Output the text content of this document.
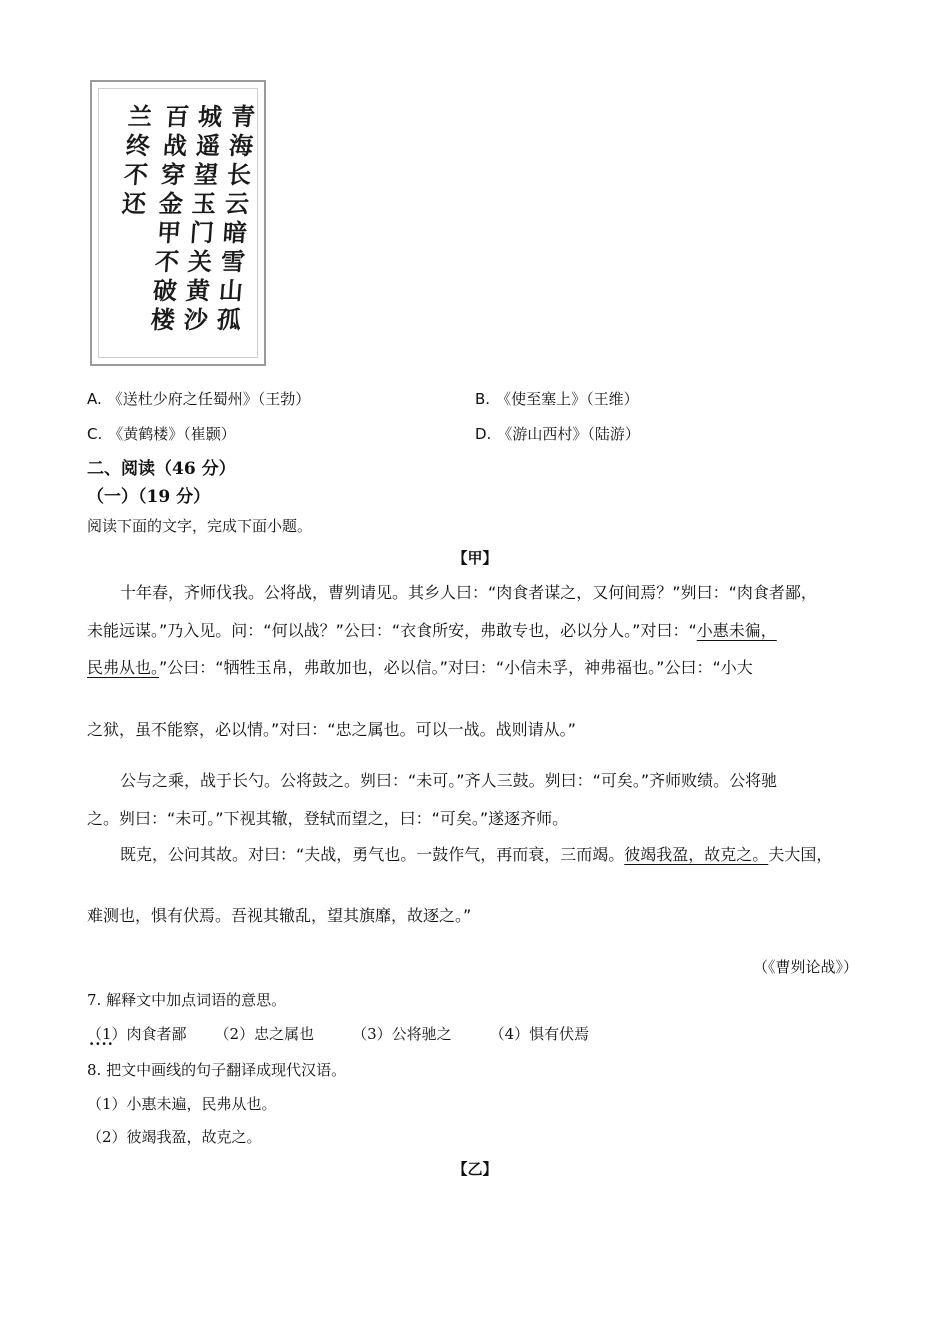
青海长云暗雪山孤
城遥望玉门关黄沙
百战穿金甲不破楼
兰终不还
A. 《送杜少府之任蜀州》（王勃）	B. 《使至塞上》（王维）
C. 《黄鹤楼》（崔颢）	D. 《游山西村》（陆游）
二、阅读（46 分）
（一）（19 分）
阅读下面的文字，完成下面小题。
【甲】
十年春，齐师伐我。公将战，曹刿请见。其乡人曰：“肉食者谋之，又何间焉？”刿曰：“肉食者鄙，
未能远谋。”乃入见。问：“何以战？”公曰：“衣食所安，弗敢专也，必以分人。”对曰：“小惠未徧，
民弗从也。”公曰：“牺牲玉帛，弗敢加也，必以信。”对曰：“小信未孚，神弗福也。”公曰：“小大
之狱，虽不能察，必以情。”对曰：“忠之属也。可以一战。战则请从。”
公与之乘，战于长勺。公将鼓之。刿曰：“未可。”齐人三鼓。刿曰：“可矣。”齐师败绩。公将驰
之。刿曰：“未可。”下视其辙，登轼而望之，曰：“可矣。”遂逐齐师。
既克，公问其故。对曰：“夫战，勇气也。一鼓作气，再而衰，三而竭。彼竭我盈，故克之。夫大国，
难测也，惧有伏焉。吾视其辙乱，望其旗靡，故逐之。”
（《曹刿论战》）
7. 解释文中加点词语的意思。
（1）肉食者鄙 .... （2）忠之属也	（3）公将驰之	（4）惧有伏焉
8. 把文中画线的句子翻译成现代汉语。
（1）小惠未遍，民弗从也。
（2）彼竭我盈，故克之。
【乙】
